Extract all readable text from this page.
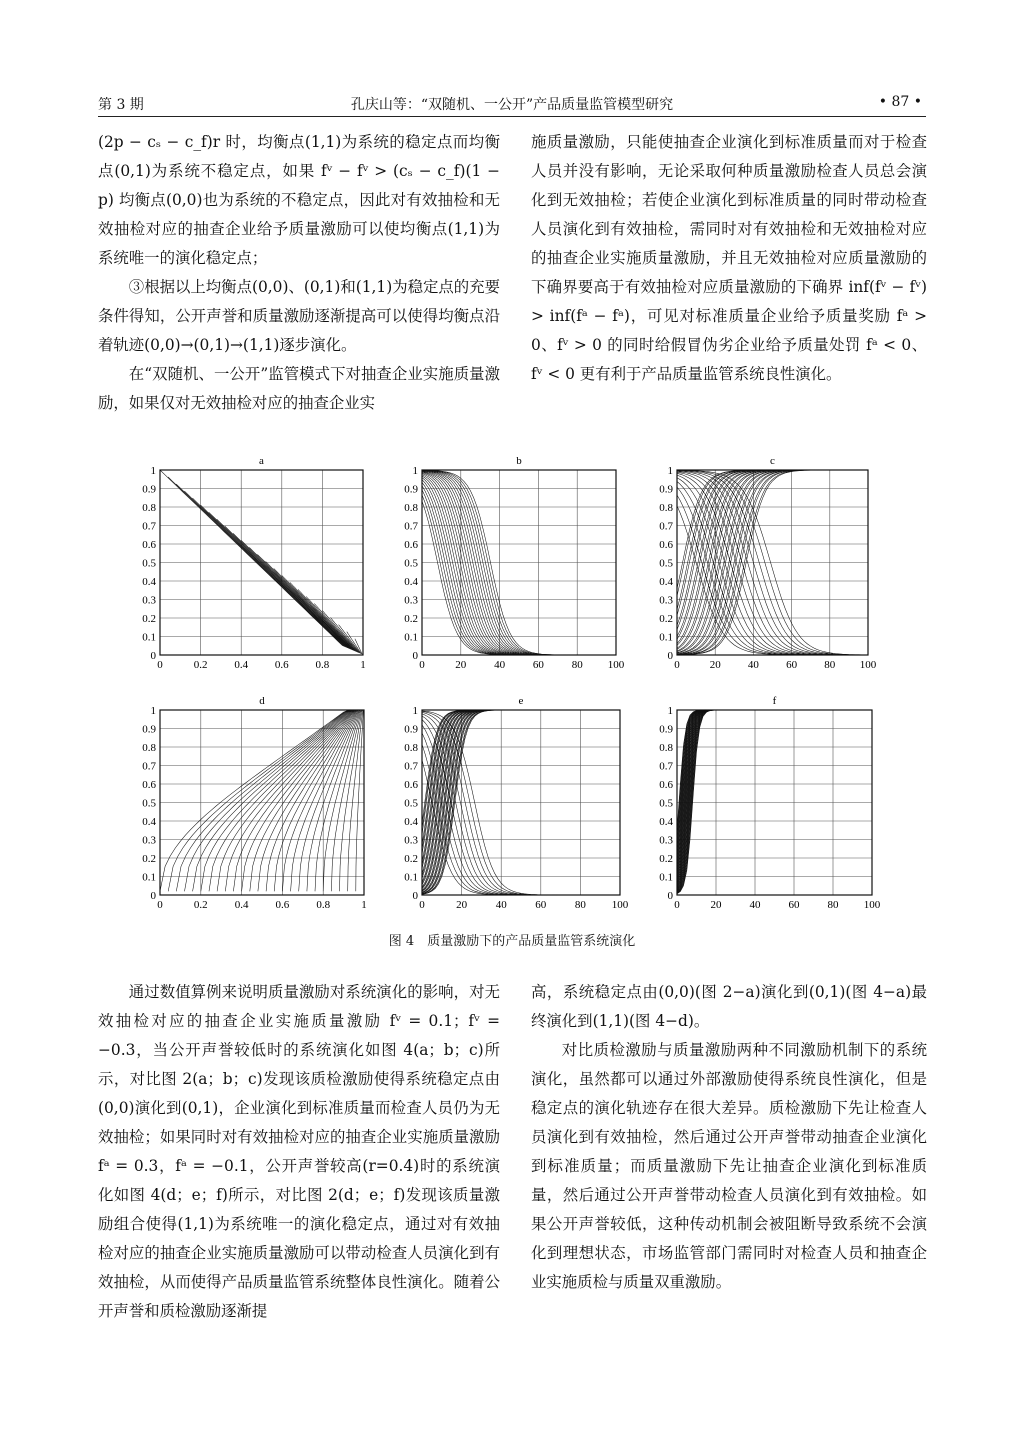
第 3 期	孔庆山等：“双随机、一公开”产品质量监管模型研究	• 87 •

(2p − cₛ − c_f)r 时，均衡点(1,1)为系统的稳定点而均衡点(0,1)为系统不稳定点，如果 fᵛ − fᵛ > (cₛ − c_f)(1 − p) 均衡点(0,0)也为系统的不稳定点，因此对有效抽检和无效抽检对应的抽查企业给予质量激励可以使均衡点(1,1)为系统唯一的演化稳定点；

③根据以上均衡点(0,0)、(0,1)和(1,1)为稳定点的充要条件得知，公开声誉和质量激励逐渐提高可以使得均衡点沿着轨迹(0,0)→(0,1)→(1,1)逐步演化。

在“双随机、一公开”监管模式下对抽查企业实施质量激励，如果仅对无效抽检对应的抽查企业实

施质量激励，只能使抽查企业演化到标准质量而对于检查人员并没有影响，无论采取何种质量激励检查人员总会演化到无效抽检；若使企业演化到标准质量的同时带动检查人员演化到有效抽检，需同时对有效抽检和无效抽检对应的抽查企业实施质量激励，并且无效抽检对应质量激励的下确界要高于有效抽检对应质量激励的下确界 inf(fᵛ − fᵛ) > inf(fᵃ − fᵃ)，可见对标准质量企业给予质量奖励 fᵃ > 0、fᵛ > 0 的同时给假冒伪劣企业给予质量处罚 fᵃ < 0、fᵛ < 0 更有利于产品质量监管系统良性演化。

0	0.2 0.4 0.6 0.8	1
0
0.1
0.2
0.3
0.4
0.5
0.6
0.7
0.8
0.9
1
a
0	20	40	60	80 100
0
0.1
0.2
0.3
0.4
0.5
0.6
0.7
0.8
0.9
1
b
0	20 40 60 80 100
0
0.1
0.2
0.3
0.4
0.5
0.6
0.7
0.8
0.9
1
c
0	0.2 0.4 0.6 0.8	1
0
0.1
0.2
0.3
0.4
0.5
0.6
0.7
0.8
0.9
1
d
0	20	40	60	80 100
0
0.1
0.2
0.3
0.4
0.5
0.6
0.7
0.8
0.9
1
e
0	20	40	60	80 100
0
0.1
0.2
0.3
0.4
0.5
0.6
0.7
0.8
0.9
1
f
图 4　质量激励下的产品质量监管系统演化

通过数值算例来说明质量激励对系统演化的影响，对无效抽检对应的抽查企业实施质量激励 fᵛ = 0.1；fᵛ = −0.3，当公开声誉较低时的系统演化如图 4(a；b；c)所示，对比图 2(a；b；c)发现该质检激励使得系统稳定点由(0,0)演化到(0,1)，企业演化到标准质量而检查人员仍为无效抽检；如果同时对有效抽检对应的抽查企业实施质量激励 fᵃ = 0.3，fᵃ = −0.1，公开声誉较高(r=0.4)时的系统演化如图 4(d；e；f)所示，对比图 2(d；e；f)发现该质量激励组合使得(1,1)为系统唯一的演化稳定点，通过对有效抽检对应的抽查企业实施质量激励可以带动检查人员演化到有效抽检，从而使得产品质量监管系统整体良性演化。随着公开声誉和质检激励逐渐提

高，系统稳定点由(0,0)(图 2−a)演化到(0,1)(图 4−a)最终演化到(1,1)(图 4−d)。

对比质检激励与质量激励两种不同激励机制下的系统演化，虽然都可以通过外部激励使得系统良性演化，但是稳定点的演化轨迹存在很大差异。质检激励下先让检查人员演化到有效抽检，然后通过公开声誉带动抽查企业演化到标准质量；而质量激励下先让抽查企业演化到标准质量，然后通过公开声誉带动检查人员演化到有效抽检。如果公开声誉较低，这种传动机制会被阻断导致系统不会演化到理想状态，市场监管部门需同时对检查人员和抽查企业实施质检与质量双重激励。
